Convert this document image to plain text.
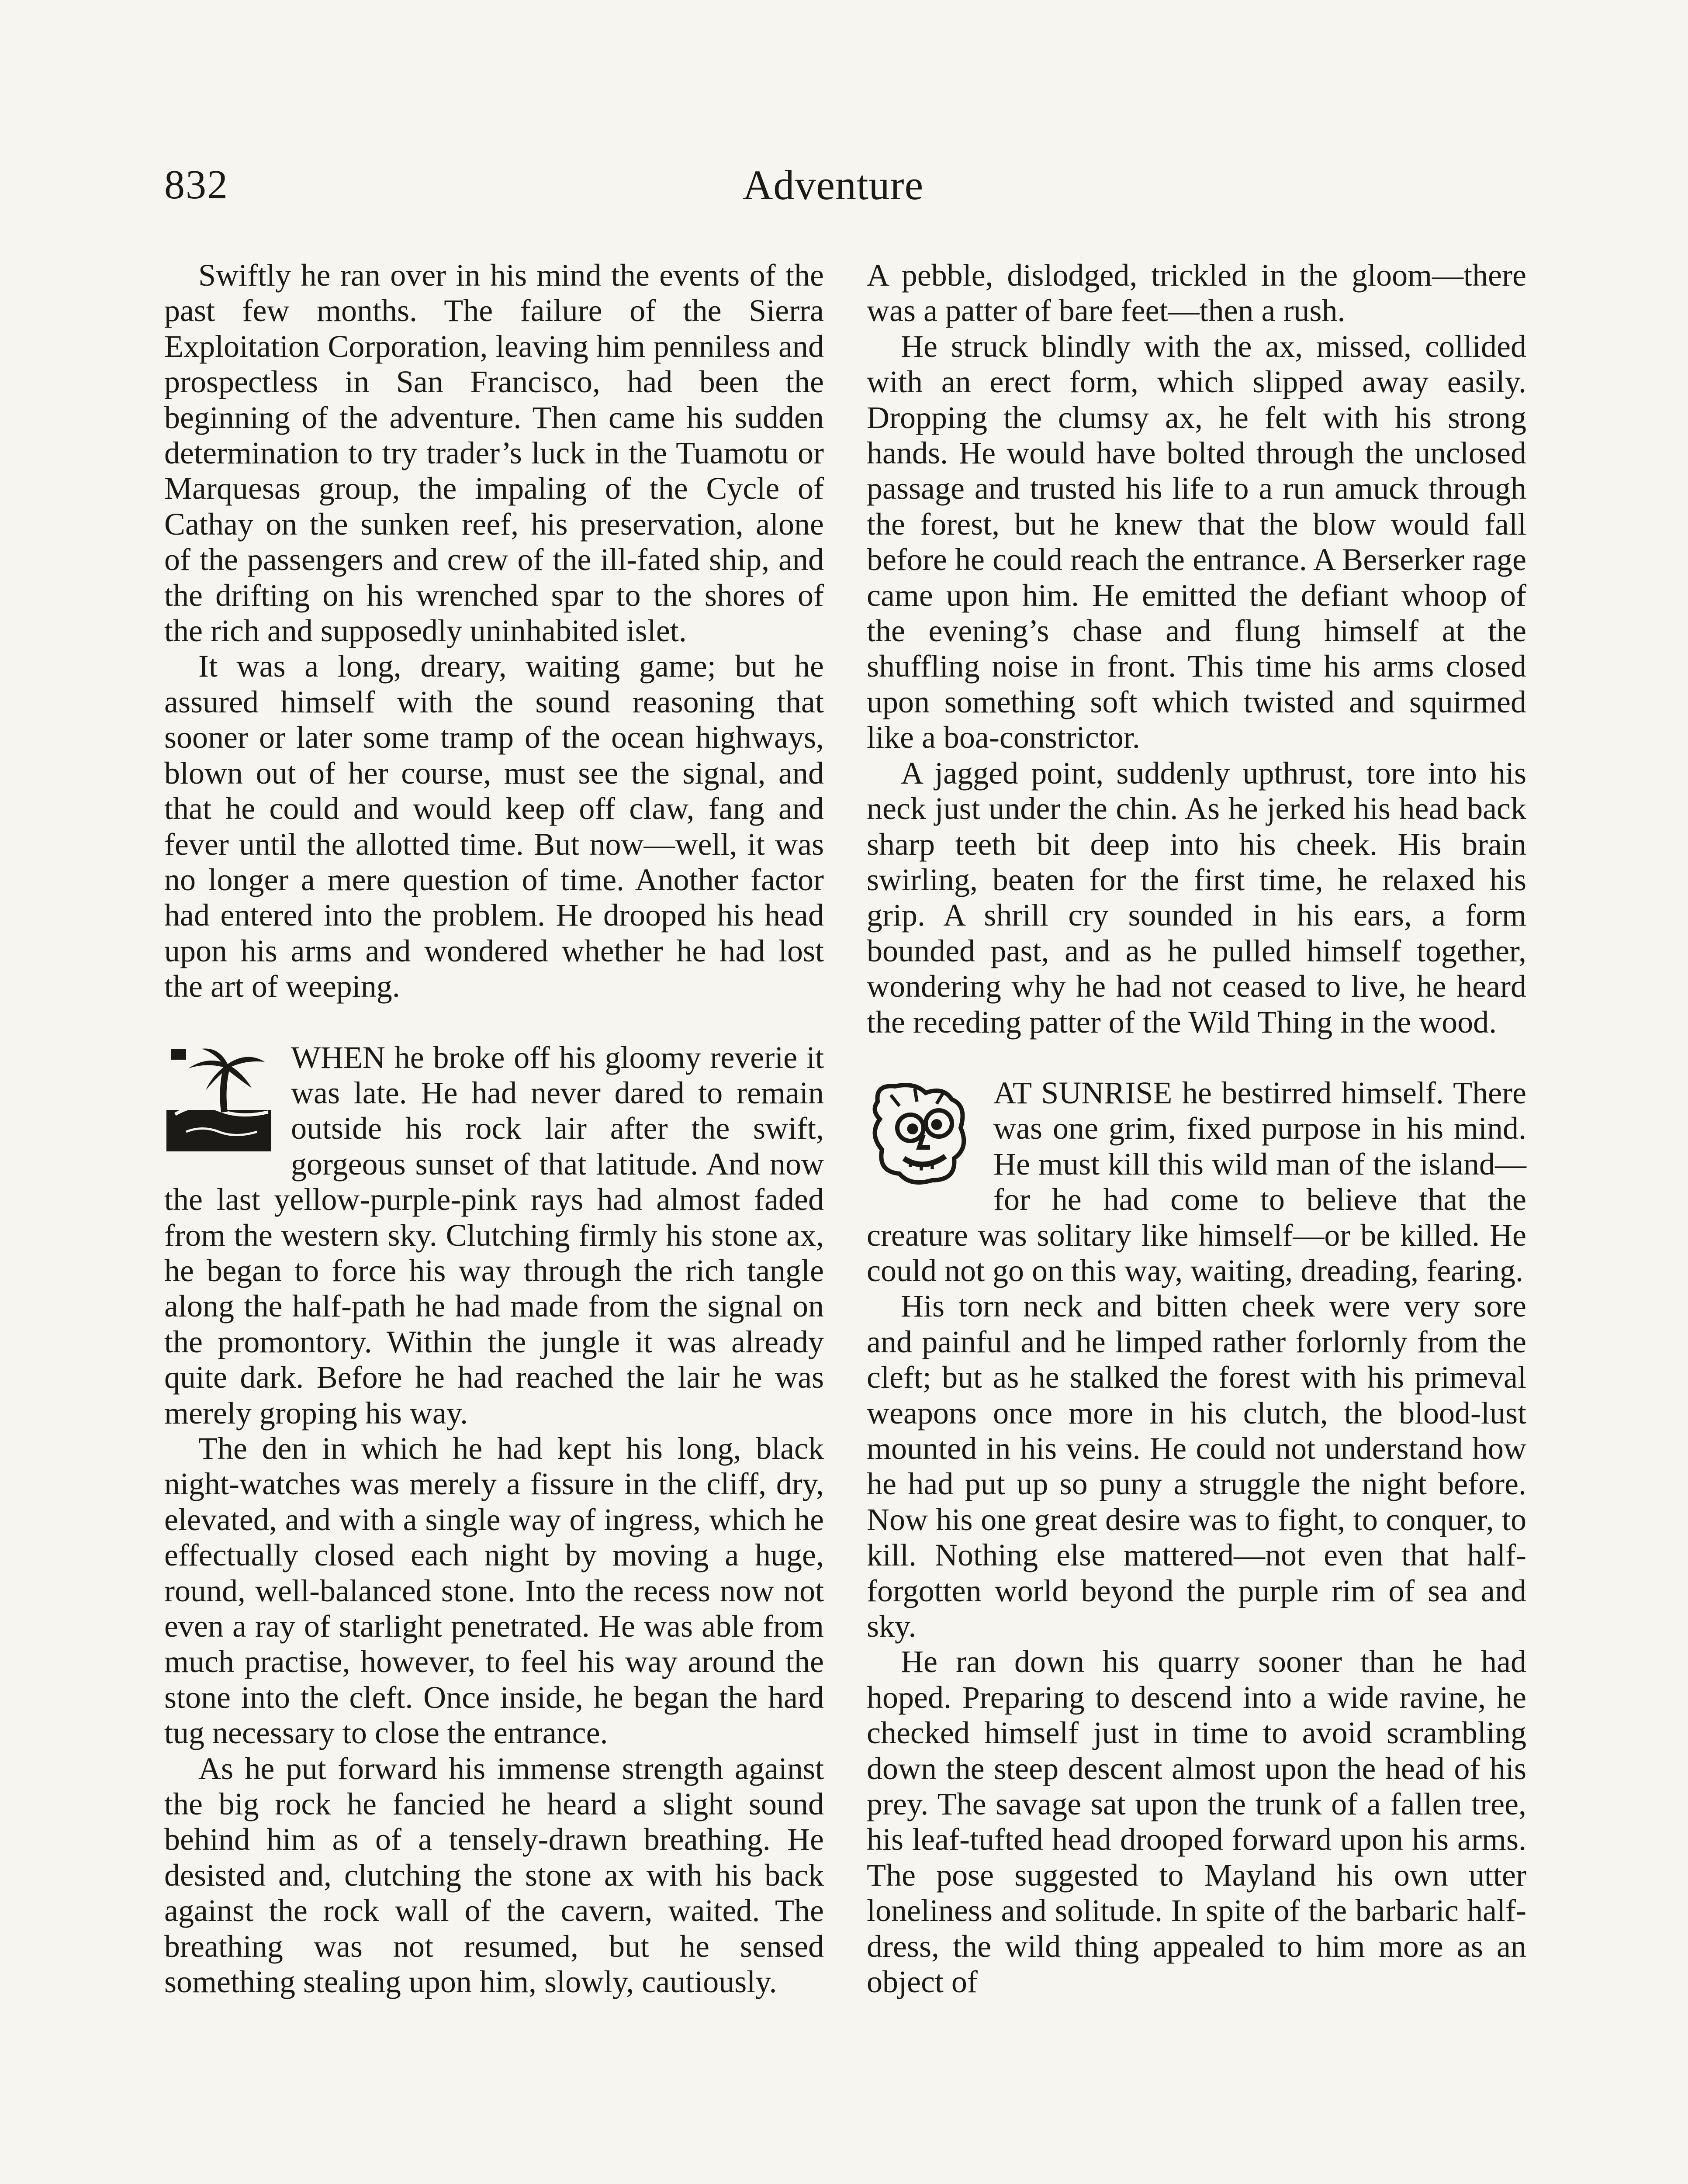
832	Adventure

Swiftly he ran over in his mind the events of the past few months. The failure of the Sierra Exploitation Corporation, leaving him penniless and prospectless in San Francisco, had been the beginning of the adventure. Then came his sudden determination to try trader’s luck in the Tuamotu or Marquesas group, the impaling of the Cycle of Cathay on the sunken reef, his preservation, alone of the passengers and crew of the ill-fated ship, and the drifting on his wrenched spar to the shores of the rich and supposedly uninhabited islet.

It was a long, dreary, waiting game; but he assured himself with the sound reasoning that sooner or later some tramp of the ocean highways, blown out of her course, must see the signal, and that he could and would keep off claw, fang and fever until the allotted time. But now—well, it was no longer a mere question of time. Another factor had entered into the problem. He drooped his head upon his arms and wondered whether he had lost the art of weeping.

WHEN he broke off his gloomy reverie it was late. He had never dared to remain outside his rock lair after the swift, gorgeous sunset of that latitude. And now the last yellow-purple-pink rays had almost faded from the western sky. Clutching firmly his stone ax, he began to force his way through the rich tangle along the half-path he had made from the signal on the promontory. Within the jungle it was already quite dark. Before he had reached the lair he was merely groping his way.

The den in which he had kept his long, black night-watches was merely a fissure in the cliff, dry, elevated, and with a single way of ingress, which he effectually closed each night by moving a huge, round, well-balanced stone. Into the recess now not even a ray of starlight penetrated. He was able from much practise, however, to feel his way around the stone into the cleft. Once inside, he began the hard tug necessary to close the entrance.

As he put forward his immense strength against the big rock he fancied he heard a slight sound behind him as of a tensely-drawn breathing. He desisted and, clutching the stone ax with his back against the rock wall of the cavern, waited. The breathing was not resumed, but he sensed something stealing upon him, slowly, cautiously.

A pebble, dislodged, trickled in the gloom—there was a patter of bare feet—then a rush.

He struck blindly with the ax, missed, collided with an erect form, which slipped away easily. Dropping the clumsy ax, he felt with his strong hands. He would have bolted through the unclosed passage and trusted his life to a run amuck through the forest, but he knew that the blow would fall before he could reach the entrance. A Berserker rage came upon him. He emitted the defiant whoop of the evening’s chase and flung himself at the shuffling noise in front. This time his arms closed upon something soft which twisted and squirmed like a boa-constrictor.

A jagged point, suddenly upthrust, tore into his neck just under the chin. As he jerked his head back sharp teeth bit deep into his cheek. His brain swirling, beaten for the first time, he relaxed his grip. A shrill cry sounded in his ears, a form bounded past, and as he pulled himself together, wondering why he had not ceased to live, he heard the receding patter of the Wild Thing in the wood.

AT SUNRISE he bestirred himself. There was one grim, fixed purpose in his mind. He must kill this wild man of the island—for he had come to believe that the creature was solitary like himself—or be killed. He could not go on this way, waiting, dreading, fearing.

His torn neck and bitten cheek were very sore and painful and he limped rather forlornly from the cleft; but as he stalked the forest with his primeval weapons once more in his clutch, the blood-lust mounted in his veins. He could not understand how he had put up so puny a struggle the night before. Now his one great desire was to fight, to conquer, to kill. Nothing else mattered—not even that half-forgotten world beyond the purple rim of sea and sky.

He ran down his quarry sooner than he had hoped. Preparing to descend into a wide ravine, he checked himself just in time to avoid scrambling down the steep descent almost upon the head of his prey. The savage sat upon the trunk of a fallen tree, his leaf-tufted head drooped forward upon his arms. The pose suggested to Mayland his own utter loneliness and solitude. In spite of the barbaric half-dress, the wild thing appealed to him more as an object of
